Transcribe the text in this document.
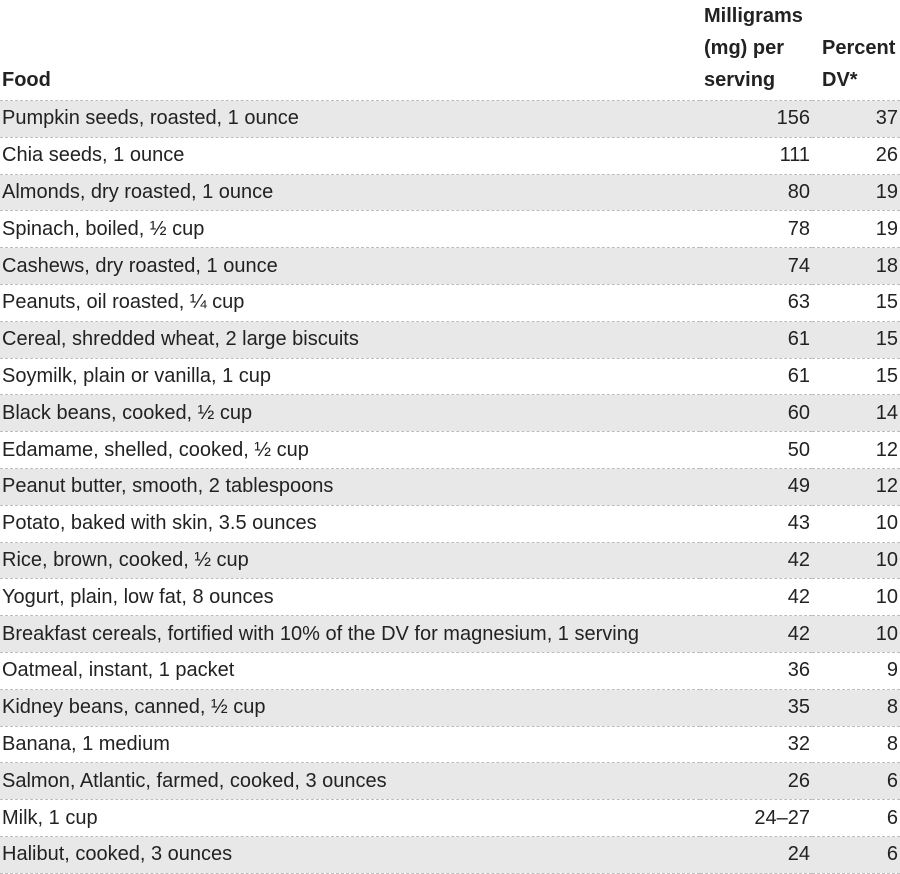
Food	Milligrams (mg) per serving	Percent DV*
Pumpkin seeds, roasted, 1 ounce	156	37
Chia seeds, 1 ounce	111	26
Almonds, dry roasted, 1 ounce	80	19
Spinach, boiled, ½ cup	78	19
Cashews, dry roasted, 1 ounce	74	18
Peanuts, oil roasted, ¼ cup	63	15
Cereal, shredded wheat, 2 large biscuits	61	15
Soymilk, plain or vanilla, 1 cup	61	15
Black beans, cooked, ½ cup	60	14
Edamame, shelled, cooked, ½ cup	50	12
Peanut butter, smooth, 2 tablespoons	49	12
Potato, baked with skin, 3.5 ounces	43	10
Rice, brown, cooked, ½ cup	42	10
Yogurt, plain, low fat, 8 ounces	42	10
Breakfast cereals, fortified with 10% of the DV for magnesium, 1 serving	42	10
Oatmeal, instant, 1 packet	36	9
Kidney beans, canned, ½ cup	35	8
Banana, 1 medium	32	8
Salmon, Atlantic, farmed, cooked, 3 ounces	26	6
Milk, 1 cup	24–27	6
Halibut, cooked, 3 ounces	24	6
